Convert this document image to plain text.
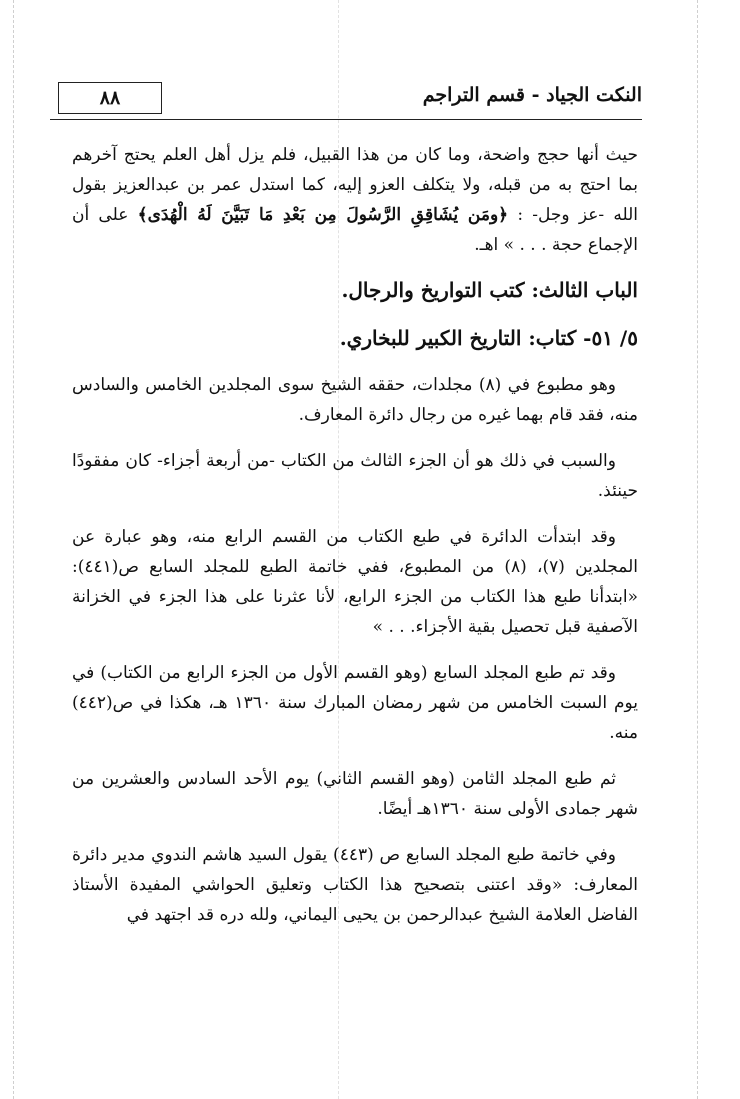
النكت الجياد - قسم التراجم
٨٨

حيث أنها حجج واضحة، وما كان من هذا القبيل، فلم يزل أهل العلم يحتج آخرهم بما احتج به من قبله، ولا يتكلف العزو إليه، كما استدل عمر بن عبدالعزيز بقول الله -عز وجل- : ﴿ومَن يُشَاقِقِ الرَّسُولَ مِن بَعْدِ مَا تَبَيَّنَ لَهُ الْهُدَى﴾ على أن الإجماع حجة . . . » اهـ.

الباب الثالث: كتب التواريخ والرجال.
٥/ ٥١- كتاب: التاريخ الكبير للبخاري.

وهو مطبوع في (٨) مجلدات، حققه الشيخ سوى المجلدين الخامس والسادس منه، فقد قام بهما غيره من رجال دائرة المعارف.

والسبب في ذلك هو أن الجزء الثالث من الكتاب -من أربعة أجزاء- كان مفقودًا حينئذ.

وقد ابتدأت الدائرة في طبع الكتاب من القسم الرابع منه، وهو عبارة عن المجلدين (٧)، (٨) من المطبوع، ففي خاتمة الطبع للمجلد السابع ص(٤٤١): «ابتدأنا طبع هذا الكتاب من الجزء الرابع، لأنا عثرنا على هذا الجزء في الخزانة الآصفية قبل تحصيل بقية الأجزاء. . . »

وقد تم طبع المجلد السابع (وهو القسم الأول من الجزء الرابع من الكتاب) في يوم السبت الخامس من شهر رمضان المبارك سنة ١٣٦٠ هـ، هكذا في ص(٤٤٢) منه.

ثم طبع المجلد الثامن (وهو القسم الثاني) يوم الأحد السادس والعشرين من شهر جمادى الأولى سنة ١٣٦٠هـ أيضًا.

وفي خاتمة طبع المجلد السابع ص (٤٤٣) يقول السيد هاشم الندوي مدير دائرة المعارف: «وقد اعتنى بتصحيح هذا الكتاب وتعليق الحواشي المفيدة الأستاذ الفاضل العلامة الشيخ عبدالرحمن بن يحيى اليماني، ولله دره قد اجتهد في
